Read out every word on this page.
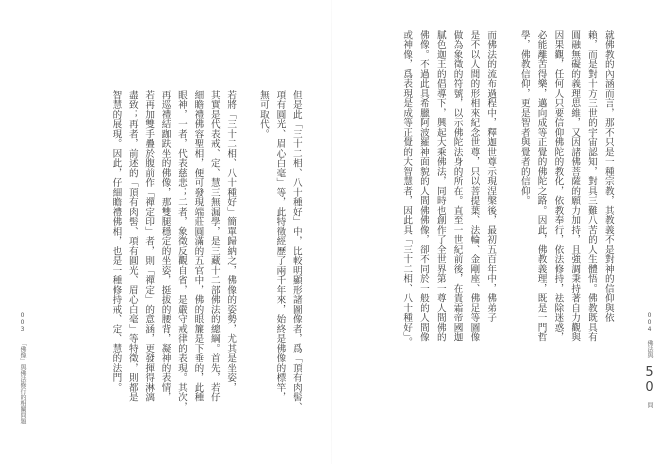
004 佛法與 50 問
就佛教的內涵而言，那不只是一種宗教，其教義不是對神的信仰與依
賴，而是對十方三世的宇宙認知，對具三難八苦的人生體悟。佛教既具有
圓融無礙的義理思維，又因諸佛菩薩的願力加持，且強調秉持著自力觀與
因果觀，任何人只要信仰佛陀的教化，依教奉行，依法修持，祛除迷惑，
必能離苦得樂，邁向成等正覺的佛陀之路。因此，佛教義理，既是一門哲
學，佛教信仰，更是智者與覺者的信仰。
而佛法的流布過程中，釋迦世尊示現涅槃後，最初五百年中，佛弟子
是不以人間的形相來紀念世尊，只以菩提葉、法輪、金剛座、佛足等圖像
做為象徵的符號，以示佛陀法身的所在。直至一世紀前後，在貴霜帝國迦
膩色迦王的倡導下，興起大乘佛法，同時也創作了全世界第一尊人間佛的
佛像。不過此具希臘阿波羅神面貌的人間佛佛像，卻不同於一般的人間像
或神像，爲表現是成等正覺的大智慧者，因此具「三十二相、八十種好」。
003 「佛像」與佛法修行的相關問題	但是此「三十二相、八十種好」中，比較明顯形諸圖像者，爲「頂有肉髻、
項有圓光、眉心白毫」等，此特徵經歷了兩千年來，始終是佛像的標竿，
無可取代。
若將「三十二相、八十種好」簡單歸納之，佛像的姿勢，尤其是坐姿，
其實是代表戒、定、慧三無漏學，是三藏十二部佛法的總綱。首先，若仔
細瞻禮佛容聖相，便可發現端莊圓滿的五官中，佛的眼簾是下垂的，此種
眼神，一者，代表慈悲；二者，象徵反觀自省，是嚴守戒律的表現。其次，
再巡禮結跏趺坐的佛像，那雙腿穩定的坐姿，挺拔的腰背，凝神的表情，
若再加雙手疊於腹前作「禪定印」者，則「禪定」的意涵，更發揮得淋漓
盡致；再者，前述的「頂有肉髻、項有圓光、眉心白毫」等特徵，則都是
智慧的展現。因此，仔細瞻禮佛相，也是一種修持戒、定、慧的法門。
